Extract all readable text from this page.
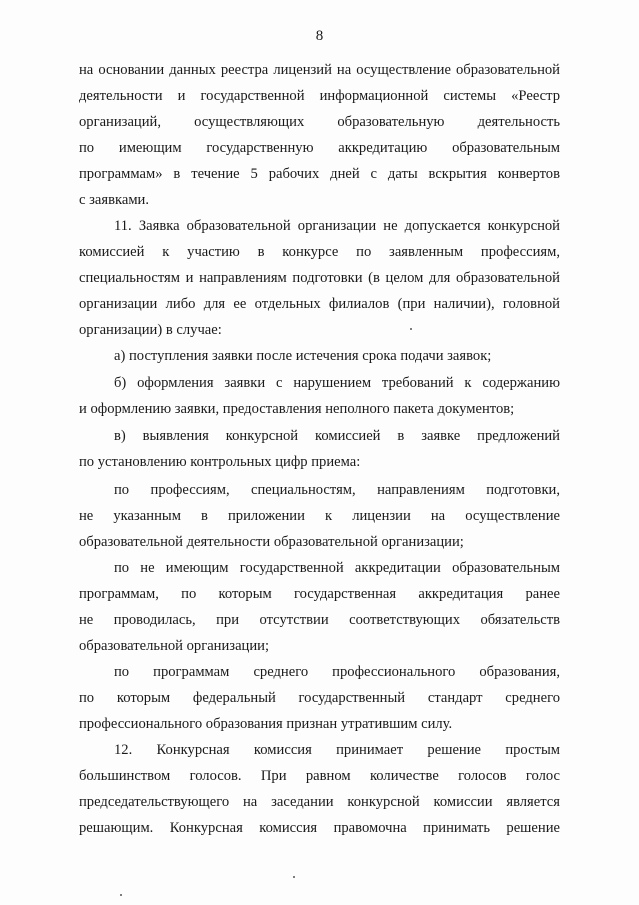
8
на основании данных реестра лицензий на осуществление образовательной
деятельности и государственной информационной системы «Реестр
организаций, осуществляющих образовательную деятельность
по имеющим государственную аккредитацию образовательным
программам» в течение 5 рабочих дней с даты вскрытия конвертов
с заявками.
11. Заявка образовательной организации не допускается конкурсной
комиссией к участию в конкурсе по заявленным профессиям,
специальностям и направлениям подготовки (в целом для образовательной
организации либо для ее отдельных филиалов (при наличии), головной
организации) в случае:
а) поступления заявки после истечения срока подачи заявок;
б) оформления заявки с нарушением требований к содержанию
и оформлению заявки, предоставления неполного пакета документов;
в) выявления конкурсной комиссией в заявке предложений
по установлению контрольных цифр приема:
по профессиям, специальностям, направлениям подготовки,
не указанным в приложении к лицензии на осуществление
образовательной деятельности образовательной организации;
по не имеющим государственной аккредитации образовательным
программам, по которым государственная аккредитация ранее
не проводилась, при отсутствии соответствующих обязательств
образовательной организации;
по программам среднего профессионального образования,
по которым федеральный государственный стандарт среднего
профессионального образования признан утратившим силу.
12. Конкурсная комиссия принимает решение простым
большинством голосов. При равном количестве голосов голос
председательствующего на заседании конкурсной комиссии является
решающим. Конкурсная комиссия правомочна принимать решение
